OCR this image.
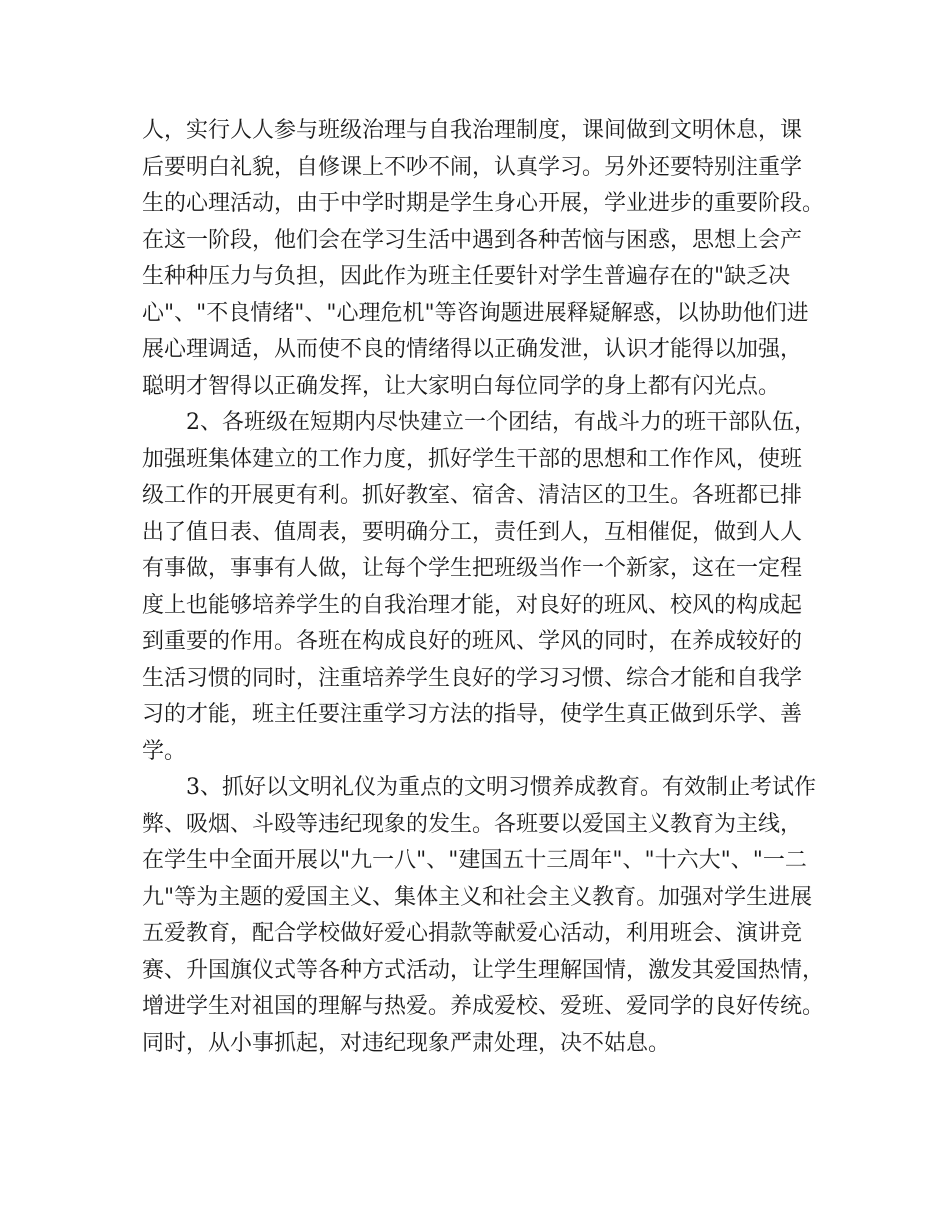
人，实行人人参与班级治理与自我治理制度，课间做到文明休息，课
后要明白礼貌，自修课上不吵不闹，认真学习。另外还要特别注重学
生的心理活动，由于中学时期是学生身心开展，学业进步的重要阶段。
在这一阶段，他们会在学习生活中遇到各种苦恼与困惑，思想上会产
生种种压力与负担，因此作为班主任要针对学生普遍存在的"缺乏决
心"、"不良情绪"、"心理危机"等咨询题进展释疑解惑，以协助他们进
展心理调适，从而使不良的情绪得以正确发泄，认识才能得以加强，
聪明才智得以正确发挥，让大家明白每位同学的身上都有闪光点。
2、各班级在短期内尽快建立一个团结，有战斗力的班干部队伍，
加强班集体建立的工作力度，抓好学生干部的思想和工作作风，使班
级工作的开展更有利。抓好教室、宿舍、清洁区的卫生。各班都已排
出了值日表、值周表，要明确分工，责任到人，互相催促，做到人人
有事做，事事有人做，让每个学生把班级当作一个新家，这在一定程
度上也能够培养学生的自我治理才能，对良好的班风、校风的构成起
到重要的作用。各班在构成良好的班风、学风的同时，在养成较好的
生活习惯的同时，注重培养学生良好的学习习惯、综合才能和自我学
习的才能，班主任要注重学习方法的指导，使学生真正做到乐学、善
学。
3、抓好以文明礼仪为重点的文明习惯养成教育。有效制止考试作
弊、吸烟、斗殴等违纪现象的发生。各班要以爱国主义教育为主线，
在学生中全面开展以"九一八"、"建国五十三周年"、"十六大"、"一二
九"等为主题的爱国主义、集体主义和社会主义教育。加强对学生进展
五爱教育，配合学校做好爱心捐款等献爱心活动，利用班会、演讲竞
赛、升国旗仪式等各种方式活动，让学生理解国情，激发其爱国热情，
增进学生对祖国的理解与热爱。养成爱校、爱班、爱同学的良好传统。
同时，从小事抓起，对违纪现象严肃处理，决不姑息。
